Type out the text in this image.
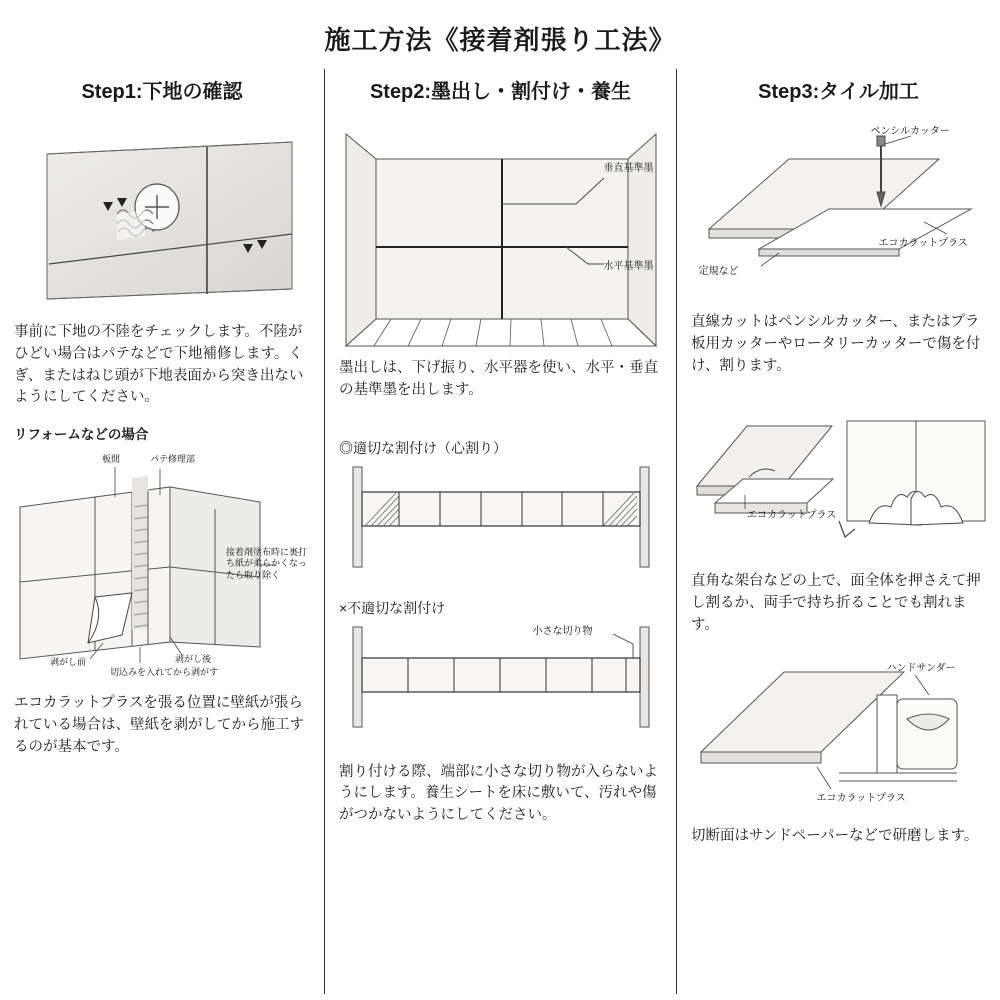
施工方法《接着剤張り工法》
Step1:下地の確認
事前に下地の不陸をチェックします。不陸がひどい場合はパテなどで下地補修します。くぎ、またはねじ頭が下地表面から突き出ないようにしてください。
リフォームなどの場合
板間	パテ修理部
接着剤塗布時に裏打ち紙が柔らかくなったら取り除く
剥がし前	剥がし後
切込みを入れてから剥がす
エコカラットプラスを張る位置に壁紙が張られている場合は、壁紙を剥がしてから施工するのが基本です。
Step2:墨出し・割付け・養生
垂直基準墨
水平基準墨
墨出しは、下げ振り、水平器を使い、水平・垂直の基準墨を出します。
◎適切な割付け（心割り）
×不適切な割付け
小さな切り物
割り付ける際、端部に小さな切り物が入らないようにします。養生シートを床に敷いて、汚れや傷がつかないようにしてください。
Step3:タイル加工
ペンシルカッター
定規など
エコカラットプラス
直線カットはペンシルカッター、またはプラ板用カッターやロータリーカッターで傷を付け、割ります。
エコカラットプラス
直角な架台などの上で、面全体を押さえて押し割るか、両手で持ち折ることでも割れます。
ハンドサンダー
エコカラットプラス
切断面はサンドペーパーなどで研磨します。
